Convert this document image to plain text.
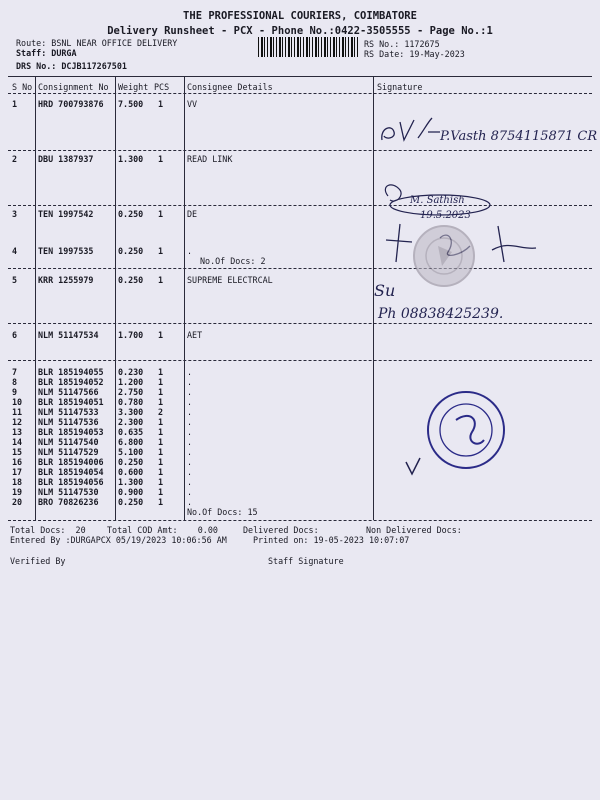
THE PROFESSIONAL COURIERS, COIMBATORE
Delivery Runsheet - PCX - Phone No.:0422-3505555 - Page No.:1
Route: BSNL NEAR OFFICE DELIVERY
Staff: DURGA
DRS No.: DCJB117267501
RS No.: 1172675
RS Date: 19-May-2023
S No Consignment No Weight PCS Consignee Details	Signature
1 HRD 700793876 7.500 1	VV
2 DBU 1387937	1.300 1	READ LINK
3 TEN 1997542	0.250 1	DE
4 TEN 1997535	0.250 1	.
No.Of Docs: 2
5 KRR 1255979	0.250 1	SUPREME ELECTRCAL
6 NLM 51147534 1.700 1	AET
7 BLR 185194055 0.230 1	.
8 BLR 185194052 1.200 1	.
9 NLM 51147566 2.750 1	.
10 BLR 185194051 0.780 1	.
11 NLM 51147533 3.300 2	.
12 NLM 51147536 2.300 1	.
13 BLR 185194053 0.635 1	.
14 NLM 51147540 6.800 1	.
15 NLM 51147529 5.100 1	.
16 BLR 185194006 0.250 1	.
17 BLR 185194054 0.600 1	.
18 BLR 185194056 1.300 1	.
19 NLM 51147530 0.900 1	.
20 BRO 70826236 0.250 1	.
No.Of Docs: 15
Total Docs:  20	Total COD Amt:    0.00	Delivered Docs:	Non Delivered Docs:
Entered By :DURGAPCX 05/19/2023 10:06:56 AM	Printed on: 19-05-2023 10:07:07
Verified By	Staff Signature
P.Vasth 8754115871 CR
M. Sathish
19.5.2023
Su
Ph 08838425239.
